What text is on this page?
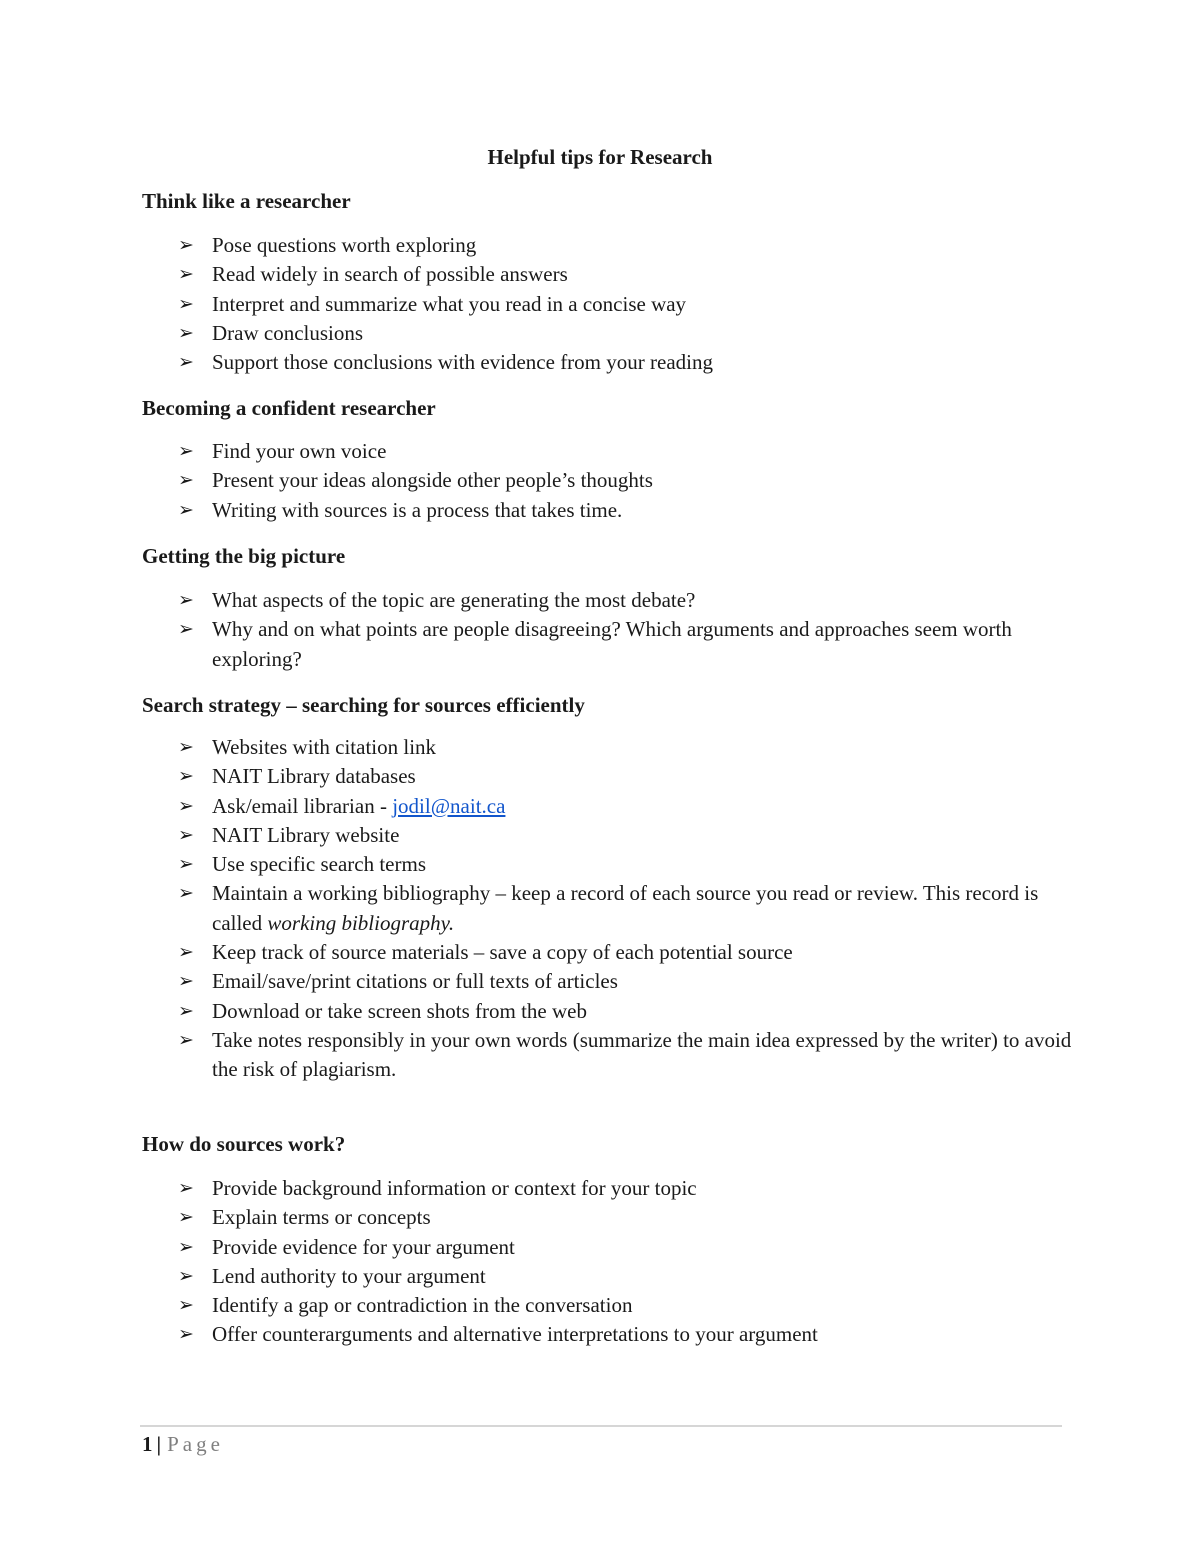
Helpful tips for Research
Think like a researcher
➢ Pose questions worth exploring
➢ Read widely in search of possible answers
➢ Interpret and summarize what you read in a concise way
➢ Draw conclusions
➢ Support those conclusions with evidence from your reading
Becoming a confident researcher
➢ Find your own voice
➢ Present your ideas alongside other people’s thoughts
➢ Writing with sources is a process that takes time.
Getting the big picture
➢ What aspects of the topic are generating the most debate?
➢ Why and on what points are people disagreeing? Which arguments and approaches seem worth exploring?
Search strategy – searching for sources efficiently
➢ Websites with citation link
➢ NAIT Library databases
➢ Ask/email librarian - jodil@nait.ca
➢ NAIT Library website
➢ Use specific search terms
➢ Maintain a working bibliography – keep a record of each source you read or review. This record is called working bibliography.
➢ Keep track of source materials – save a copy of each potential source
➢ Email/save/print citations or full texts of articles
➢ Download or take screen shots from the web
➢ Take notes responsibly in your own words (summarize the main idea expressed by the writer) to avoid the risk of plagiarism.
How do sources work?
➢ Provide background information or context for your topic
➢ Explain terms or concepts
➢ Provide evidence for your argument
➢ Lend authority to your argument
➢ Identify a gap or contradiction in the conversation
➢ Offer counterarguments and alternative interpretations to your argument
1 | Page
